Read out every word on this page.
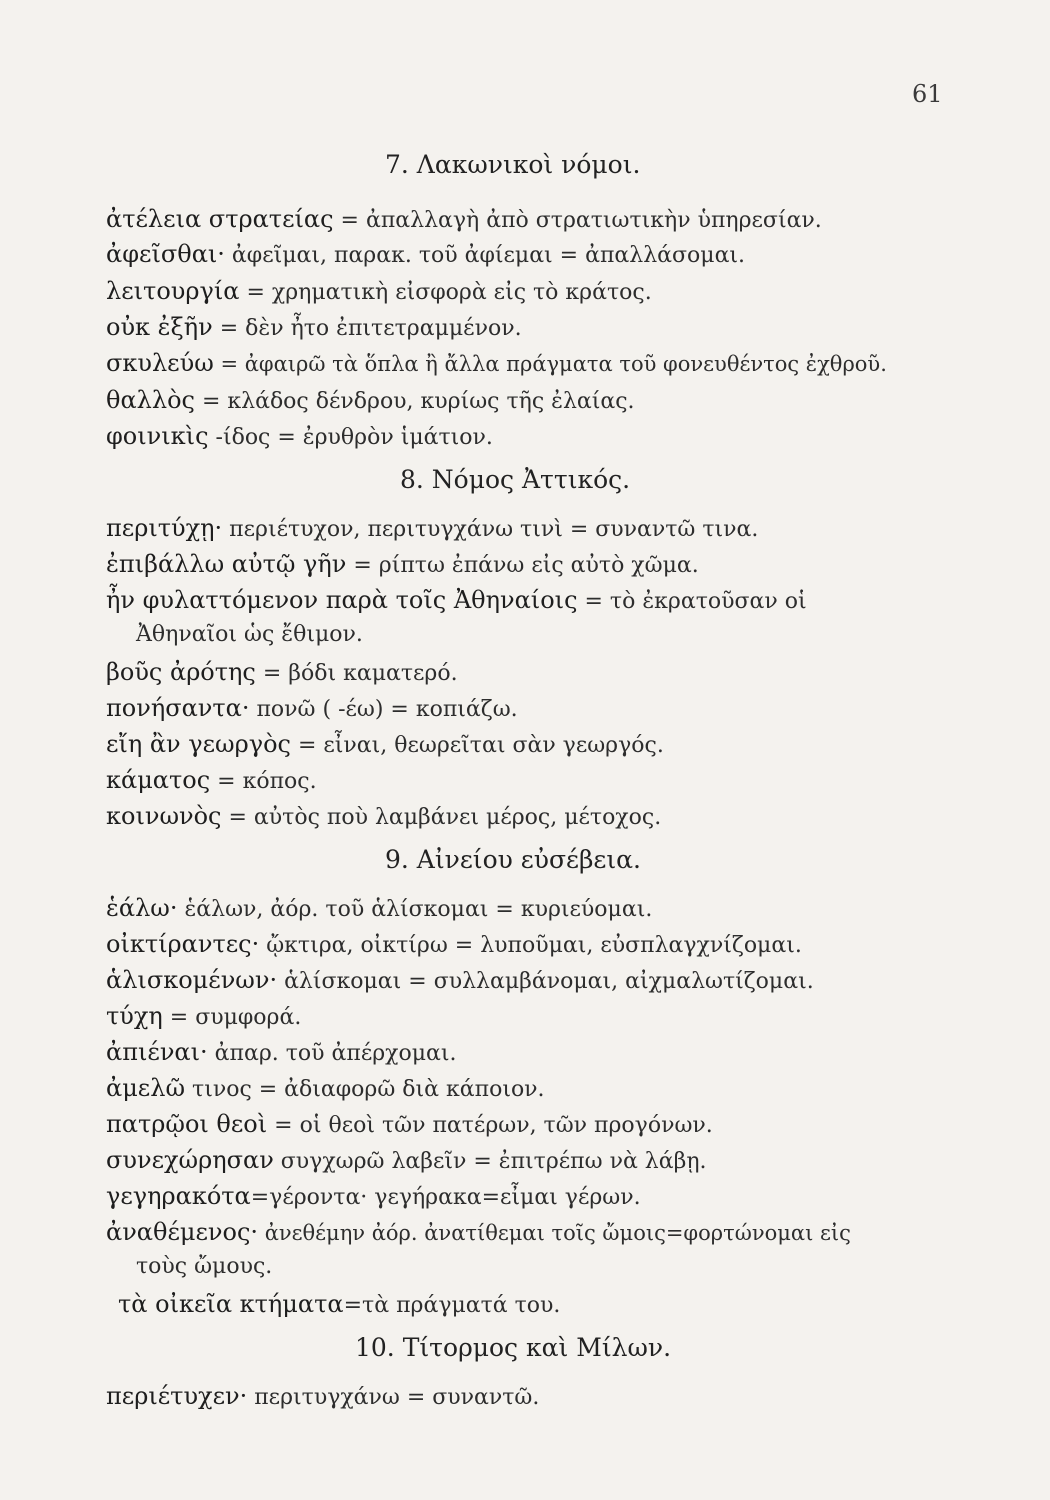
61
7. Λακωνικοὶ νόμοι.
ἀτέλεια στρατείας = ἀπαλλαγὴ ἀπὸ στρατιωτικὴν ὑπηρεσίαν.
ἀφεῖσθαι· ἀφεῖμαι, παρακ. τοῦ ἀφίεμαι = ἀπαλλάσομαι.
λειτουργία = χρηματικὴ εἰσφορὰ εἰς τὸ κράτος.
οὐκ ἐξῆν = δὲν ἦτο ἐπιτετραμμένον.
σκυλεύω = ἀφαιρῶ τὰ ὅπλα ἢ ἄλλα πράγματα τοῦ φονευθέντος ἐχθροῦ.
θαλλὸς = κλάδος δένδρου, κυρίως τῆς ἐλαίας.
φοινικὶς -ίδος = ἐρυθρὸν ἱμάτιον.
8. Νόμος Ἀττικός.
περιτύχῃ· περιέτυχον, περιτυγχάνω τινὶ = συναντῶ τινα.
ἐπιβάλλω αὐτῷ γῆν = ρίπτω ἐπάνω εἰς αὐτὸ χῶμα.
ἦν φυλαττόμενον παρὰ τοῖς Ἀθηναίοις = τὸ ἐκρατοῦσαν οἱ
Ἀθηναῖοι ὡς ἔθιμον.
βοῦς ἀρότης = βόδι καματερό.
πονήσαντα· πονῶ ( -έω) = κοπιάζω.
εἴη ἂν γεωργὸς = εἶναι, θεωρεῖται σὰν γεωργός.
κάματος = κόπος.
κοινωνὸς = αὐτὸς ποὺ λαμβάνει μέρος, μέτοχος.
9. Αἰνείου εὐσέβεια.
ἑάλω· ἑάλων, ἀόρ. τοῦ ἁλίσκομαι = κυριεύομαι.
οἰκτίραντες· ᾤκτιρα, οἰκτίρω = λυποῦμαι, εὐσπλαγχνίζομαι.
ἁλισκομένων· ἁλίσκομαι = συλλαμβάνομαι, αἰχμαλωτίζομαι.
τύχη = συμφορά.
ἀπιέναι· ἀπαρ. τοῦ ἀπέρχομαι.
ἀμελῶ τινος = ἀδιαφορῶ διὰ κάποιον.
πατρῷοι θεοὶ = οἱ θεοὶ τῶν πατέρων, τῶν προγόνων.
συνεχώρησαν συγχωρῶ λαβεῖν = ἐπιτρέπω νὰ λάβῃ.
γεγηρακότα=γέροντα· γεγήρακα=εἶμαι γέρων.
ἀναθέμενος· ἀνεθέμην ἀόρ. ἀνατίθεμαι τοῖς ὤμοις=φορτώνομαι εἰς
τοὺς ὤμους.
τὰ οἰκεῖα κτήματα=τὰ πράγματά του.
10. Τίτορμος καὶ Μίλων.
περιέτυχεν· περιτυγχάνω = συναντῶ.
